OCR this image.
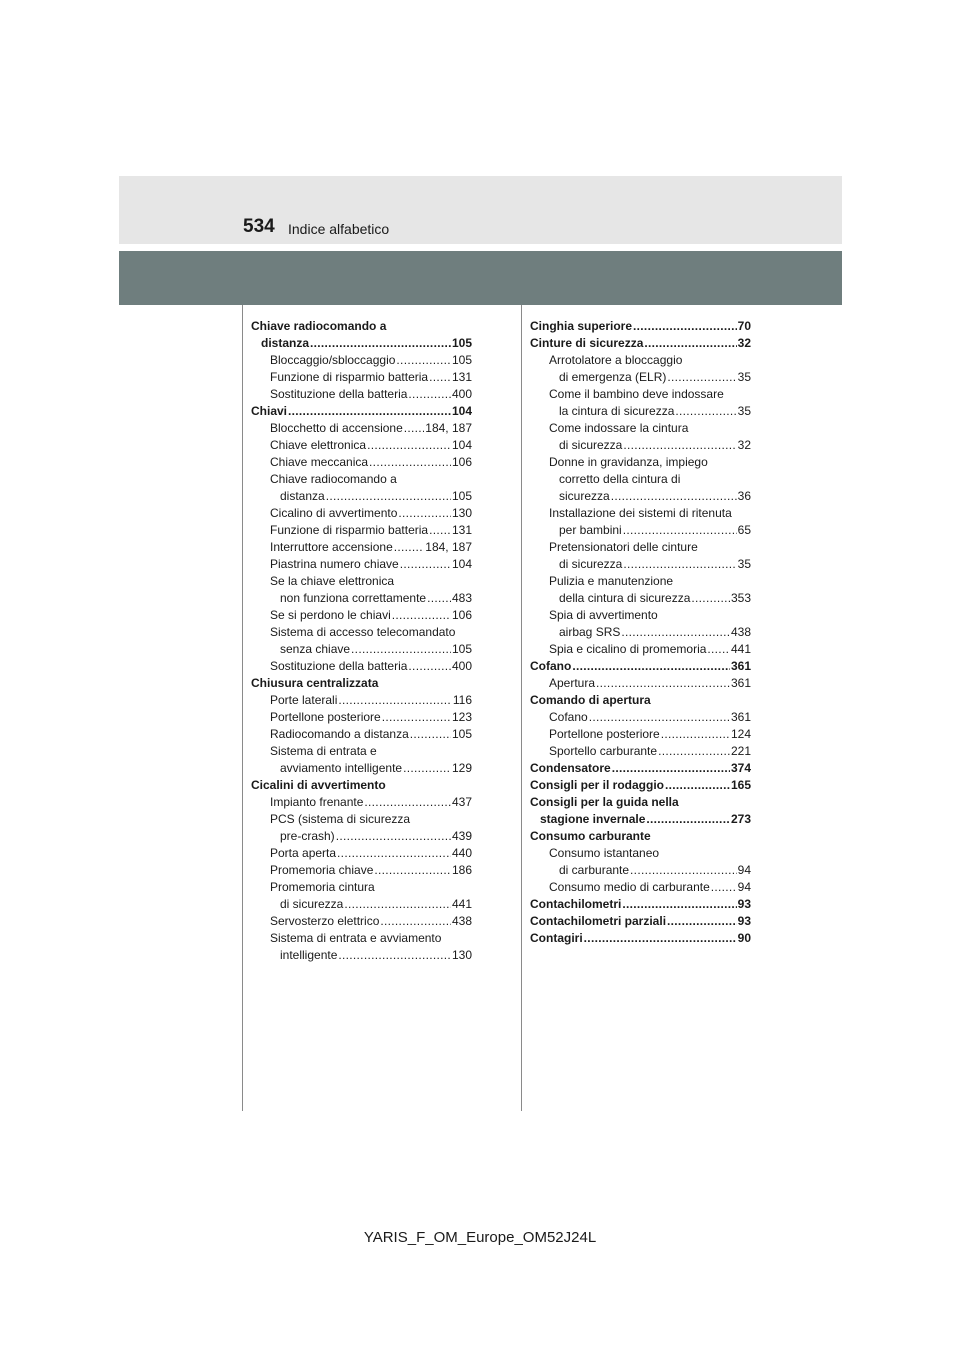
534 Indice alfabetico
Chiave radiocomando a
distanza .....	105
Bloccaggio/sbloccaggio .....	105
Funzione di risparmio batteria ..... 131
Sostituzione della batteria .....	400
Chiavi .....	104
Blocchetto di accensione ..... 184, 187
Chiave elettronica .....	104
Chiave meccanica .....	106
Chiave radiocomando a
distanza .....	105
Cicalino di avvertimento .....	130
Funzione di risparmio batteria ..... 131
Interruttore accensione .....	184, 187
Piastrina numero chiave .....	104
Se la chiave elettronica
non funziona correttamente ..... 483
Se si perdono le chiavi .....	106
Sistema di accesso telecomandato
senza chiave .....	105
Sostituzione della batteria .....	400
Chiusura centralizzata
Porte laterali .....	116
Portellone posteriore .....	123
Radiocomando a distanza .....	105
Sistema di entrata e
avviamento intelligente .....	129
Cicalini di avvertimento
Impianto frenante .....	437
PCS (sistema di sicurezza
pre-crash) .....	439
Porta aperta .....	440
Promemoria chiave .....	186
Promemoria cintura
di sicurezza .....	441
Servosterzo elettrico .....	438
Sistema di entrata e avviamento
intelligente .....	130
Cinghia superiore .....	70
Cinture di sicurezza .....	32
Arrotolatore a bloccaggio
di emergenza (ELR) .....	35
Come il bambino deve indossare
la cintura di sicurezza .....	35
Come indossare la cintura
di sicurezza .....	32
Donne in gravidanza, impiego
corretto della cintura di
sicurezza .....	36
Installazione dei sistemi di ritenuta
per bambini .....	65
Pretensionatori delle cinture
di sicurezza .....	35
Pulizia e manutenzione
della cintura di sicurezza .....	353
Spia di avvertimento
airbag SRS .....	438
Spia e cicalino di promemoria ..... 441
Cofano .....	361
Apertura .....	361
Comando di apertura
Cofano .....	361
Portellone posteriore .....	124
Sportello carburante .....	221
Condensatore .....	374
Consigli per il rodaggio .....	165
Consigli per la guida nella
stagione invernale .....	273
Consumo carburante
Consumo istantaneo
di carburante .....	94
Consumo medio di carburante ..... 94
Contachilometri .....	93
Contachilometri parziali .....	93
Contagiri .....	90
YARIS_F_OM_Europe_OM52J24L
